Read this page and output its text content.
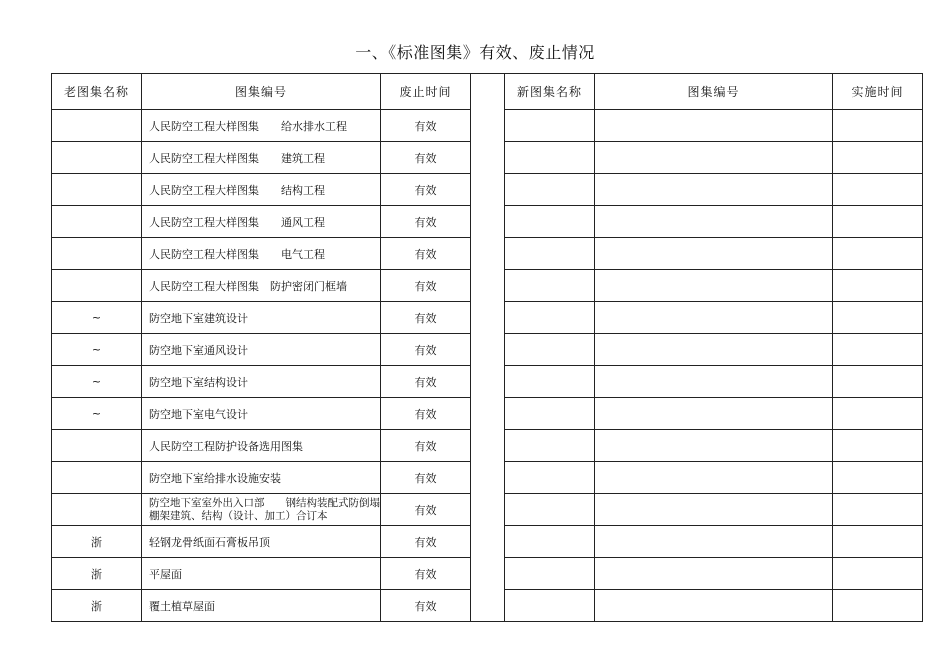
一、《标准图集》有效、废止情况
老图集名称	图集编号	废止时间		新图集名称	图集编号	实施时间
	人民防空工程大样图集　　给水排水工程	有效				
	人民防空工程大样图集　　建筑工程	有效				
	人民防空工程大样图集　　结构工程	有效				
	人民防空工程大样图集　　通风工程	有效				
	人民防空工程大样图集　　电气工程	有效				
	人民防空工程大样图集　防护密闭门框墙	有效				
~	防空地下室建筑设计	有效				
~	防空地下室通风设计	有效				
~	防空地下室结构设计	有效				
~	防空地下室电气设计	有效				
	人民防空工程防护设备选用图集	有效				
	防空地下室给排水设施安装	有效				
	防空地下室室外出入口部　　钢结构装配式防倒塌棚架建筑、结构（设计、加工）合订本	有效				
浙	轻钢龙骨纸面石膏板吊顶	有效				
浙	平屋面	有效				
浙	覆土植草屋面	有效				
